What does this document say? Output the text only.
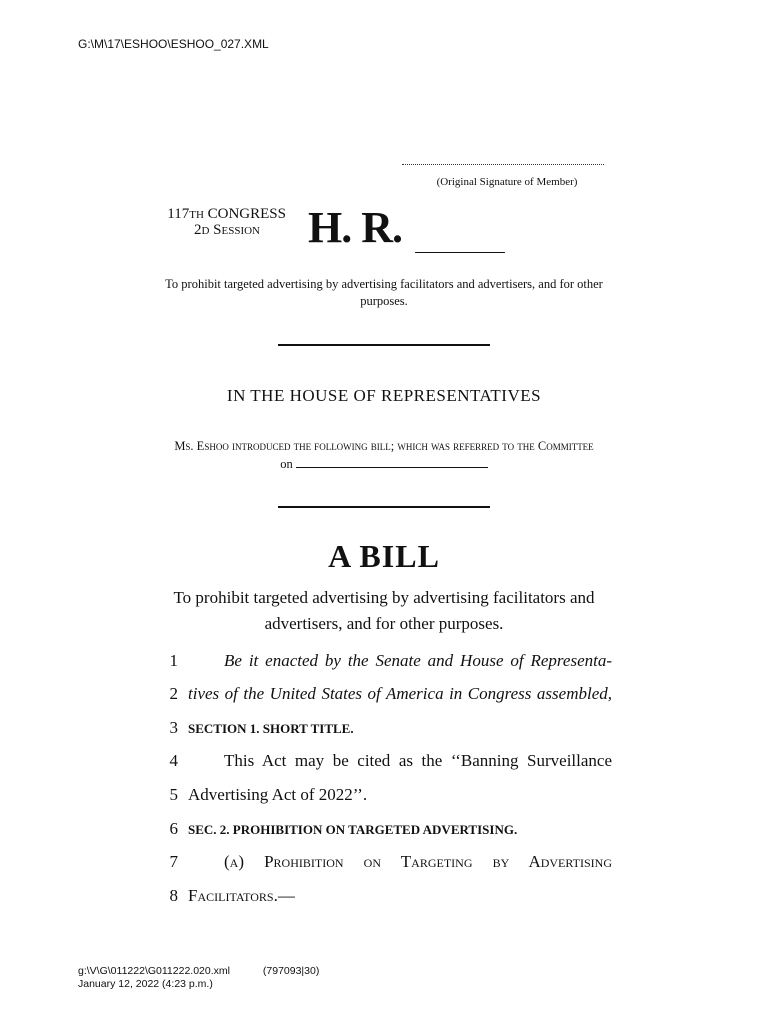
G:\M\17\ESHOO\ESHOO_027.XML
(Original Signature of Member)
117th CONGRESS
2d Session H. R.
To prohibit targeted advertising by advertising facilitators and advertisers, and for other purposes.
IN THE HOUSE OF REPRESENTATIVES
Ms. Eshoo introduced the following bill; which was referred to the Committee
on
A BILL
To prohibit targeted advertising by advertising facilitators and advertisers, and for other purposes.
1	Be it enacted by the Senate and House of Representa-
2 tives of the United States of America in Congress assembled,
3 SECTION 1. SHORT TITLE.
4	This Act may be cited as the ‘‘Banning Surveillance
5 Advertising Act of 2022’’.
6 SEC. 2. PROHIBITION ON TARGETED ADVERTISING.
7	(a) Prohibition on Targeting by Advertising
8 Facilitators.—
g:\V\G\011222\G011222.020.xml	(797093|30)
January 12, 2022 (4:23 p.m.)
